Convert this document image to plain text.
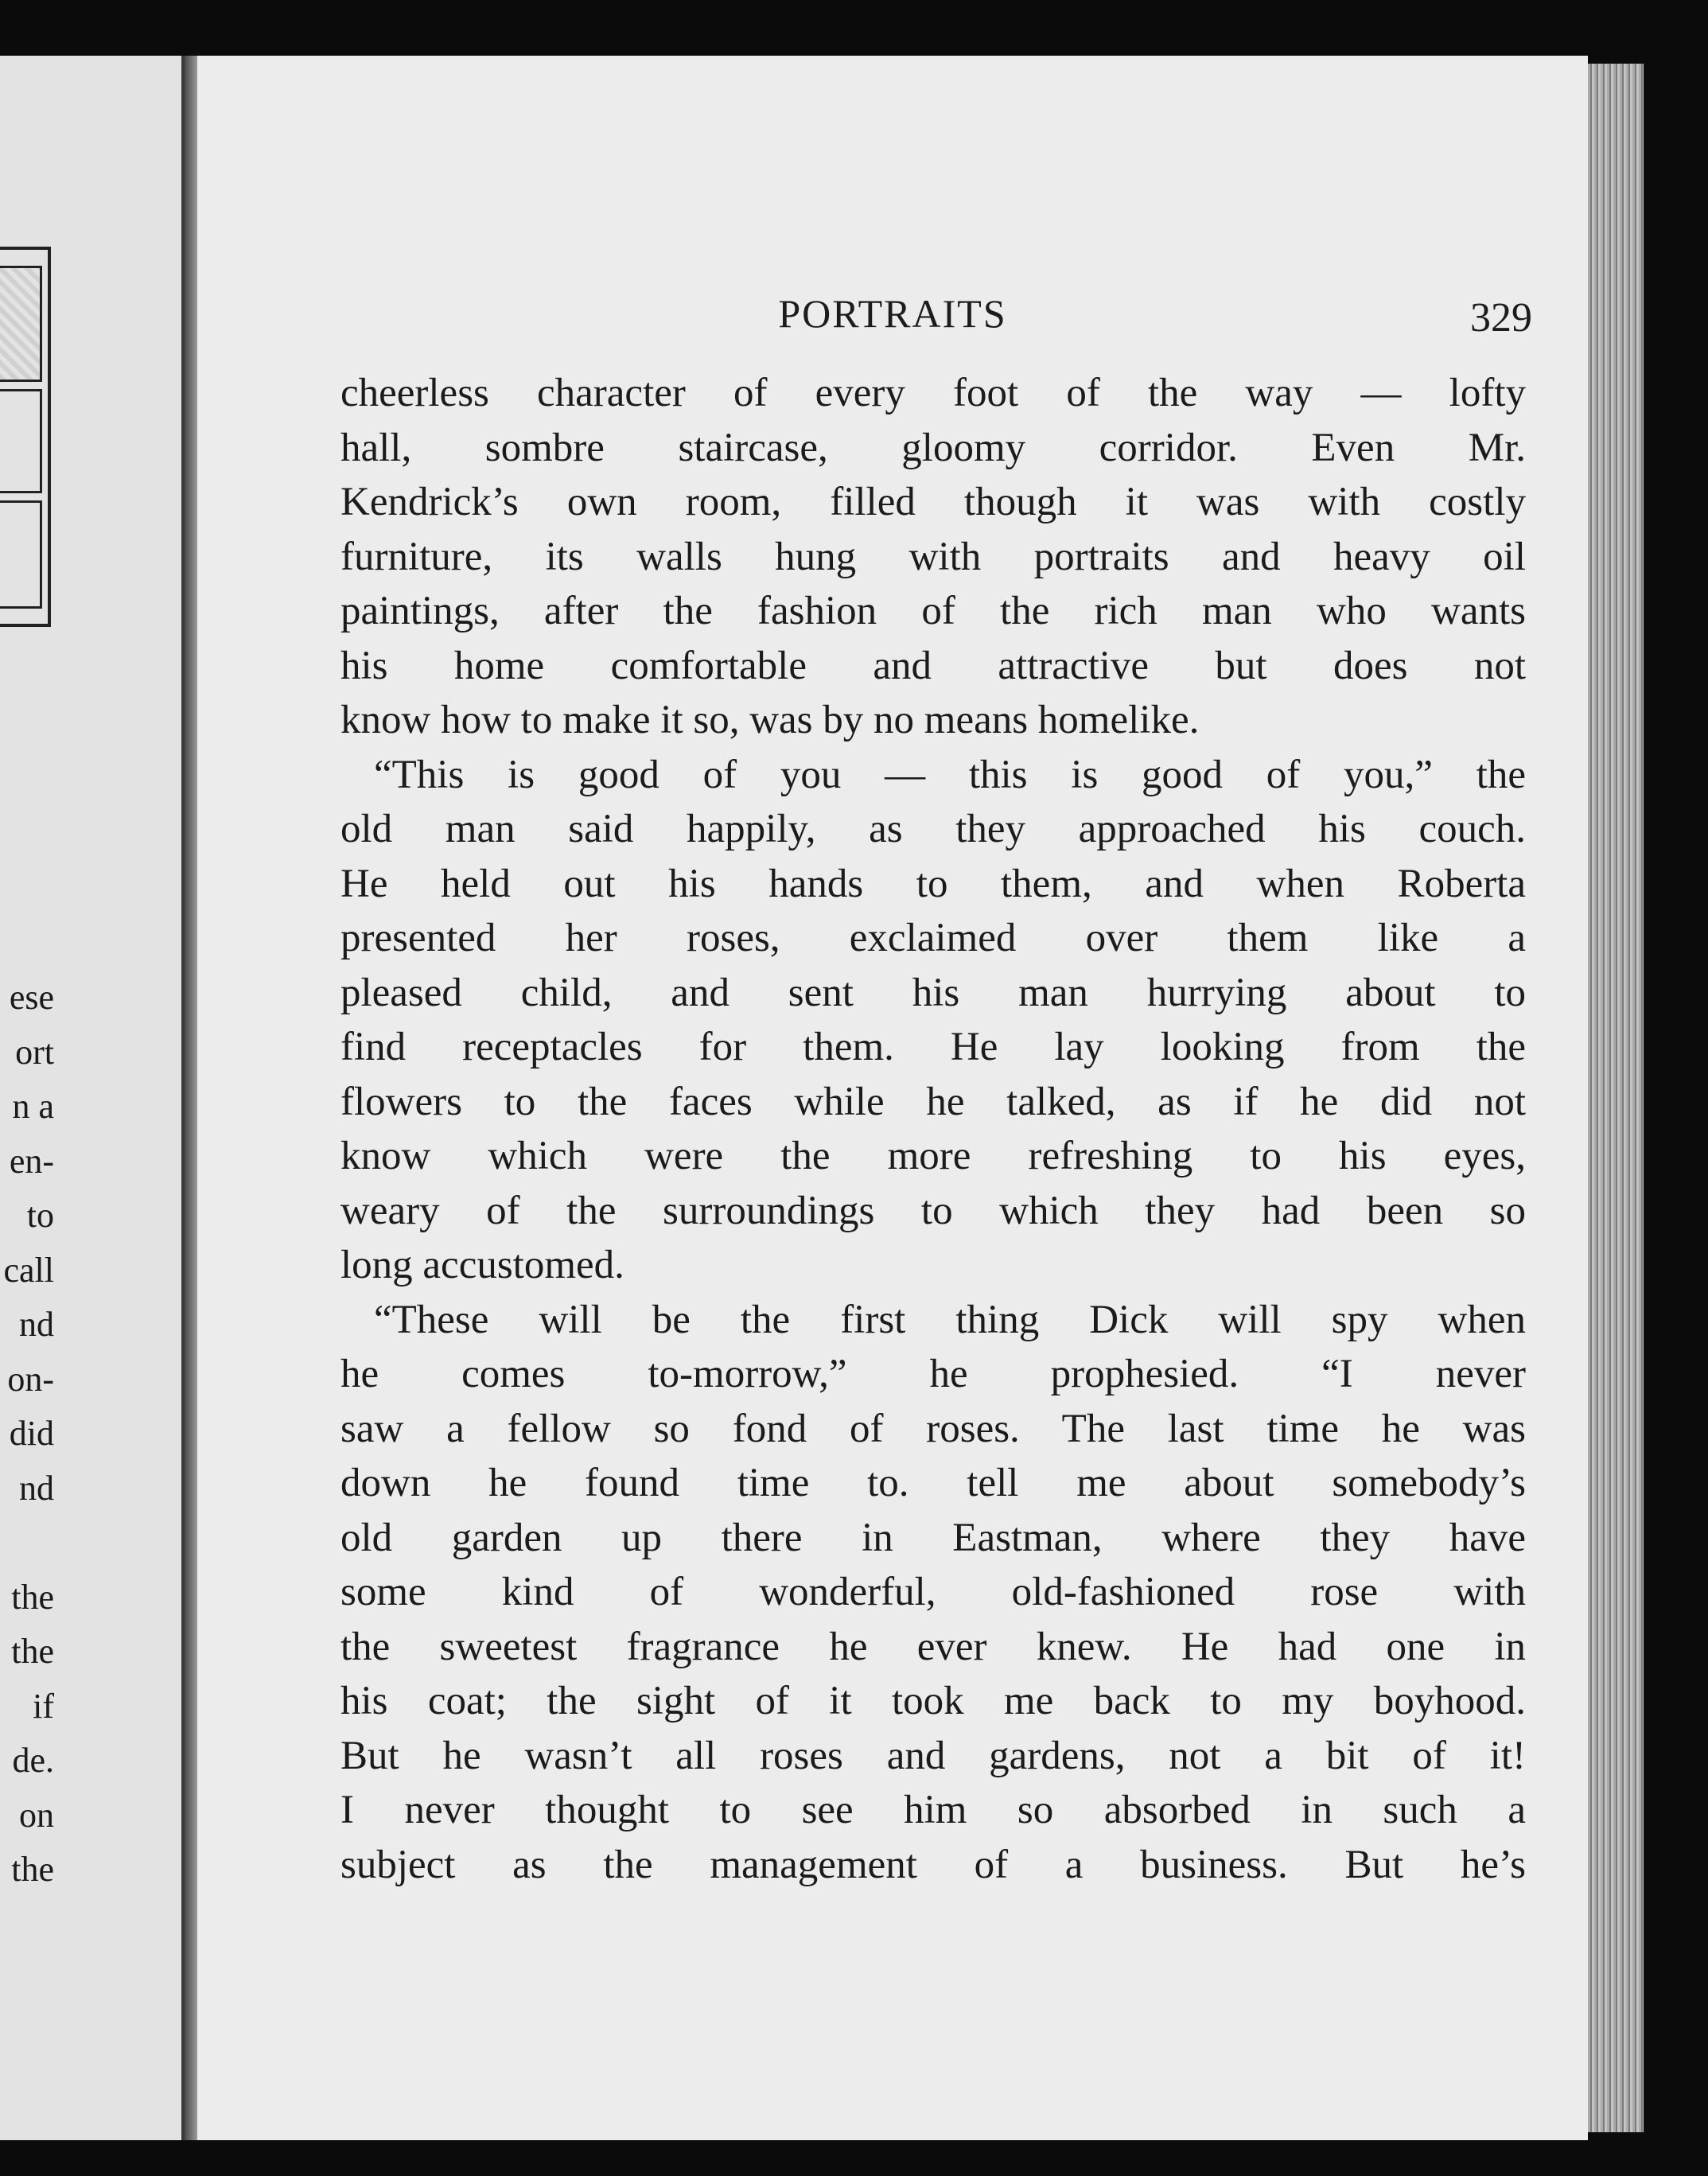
ese
ort
n a
en-
to
call
nd
on-
did
nd
the
the
if
de.
on
the
PORTRAITS	329
cheerless character of every foot of the way — lofty
hall, sombre staircase, gloomy corridor. Even Mr.
Kendrick’s own room, filled though it was with costly
furniture, its walls hung with portraits and heavy oil
paintings, after the fashion of the rich man who wants
his home comfortable and attractive but does not
know how to make it so, was by no means homelike.
“This is good of you — this is good of you,” the
old man said happily, as they approached his couch.
He held out his hands to them, and when Roberta
presented her roses, exclaimed over them like a
pleased child, and sent his man hurrying about to
find receptacles for them. He lay looking from the
flowers to the faces while he talked, as if he did not
know which were the more refreshing to his eyes,
weary of the surroundings to which they had been so
long accustomed.
“These will be the first thing Dick will spy when
he comes to-morrow,” he prophesied. “I never
saw a fellow so fond of roses. The last time he was
down he found time to. tell me about somebody’s
old garden up there in Eastman, where they have
some kind of wonderful, old-fashioned rose with
the sweetest fragrance he ever knew. He had one in
his coat; the sight of it took me back to my boyhood.
But he wasn’t all roses and gardens, not a bit of it!
I never thought to see him so absorbed in such a
subject as the management of a business. But he’s
